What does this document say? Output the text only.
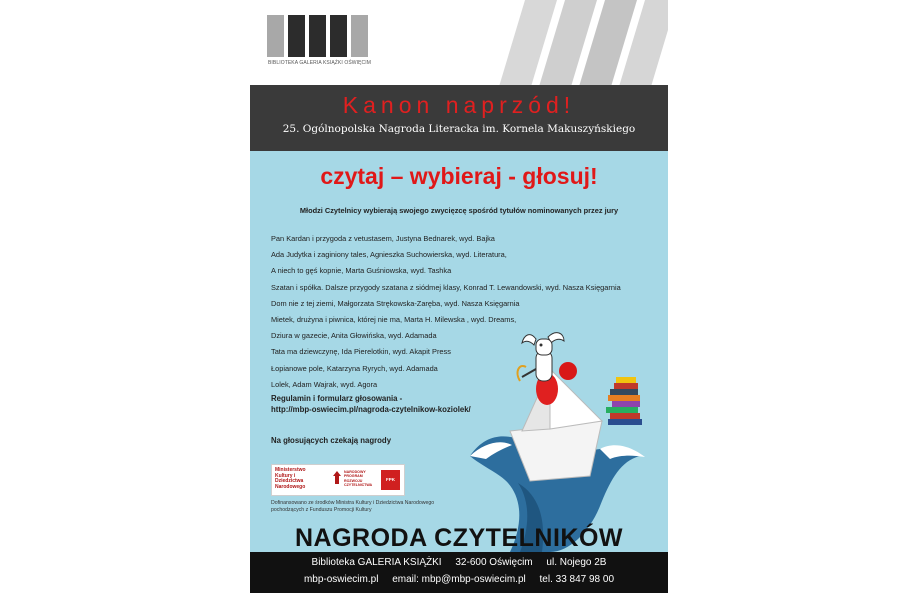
BIBLIOTEKA GALERIA KSIĄŻKI OŚWIĘCIM
Kanon naprzód!
25. Ogólnopolska Nagroda Literacka im. Kornela Makuszyńskiego
czytaj – wybieraj - głosuj!
Młodzi Czytelnicy wybierają swojego zwycięzcę spośród tytułów nominowanych przez jury
Pan Kardan i przygoda z vetustasem, Justyna Bednarek, wyd. Bajka
Ada Judytka i zaginiony tales, Agnieszka Suchowierska, wyd. Literatura,
A niech to gęś kopnie, Marta Guśniowska, wyd. Tashka
Szatan i spółka. Dalsze przygody szatana z siódmej klasy, Konrad T. Lewandowski, wyd. Nasza Księgarnia
Dom nie z tej ziemi, Małgorzata Strękowska-Zaręba, wyd. Nasza Księgarnia
Mietek, drużyna i piwnica, której nie ma, Marta H. Milewska , wyd. Dreams,
Dziura w gazecie, Anita Głowińska, wyd. Adamada
Tata ma dziewczynę, Ida Pierelotkin, wyd. Akapit Press
Łopianowe pole, Katarzyna Ryrych, wyd. Adamada
Lolek, Adam Wajrak, wyd. Agora
Regulamin i formularz głosowania -
http://mbp-oswiecim.pl/nagroda-czytelnikow-koziolek/
Na głosujących czekają nagrody
Ministerstwo Kultury i Dziedzictwa Narodowego
NARODOWY PROGRAM ROZWOJU CZYTELNICTWA
FPK
Dofinansowano ze środków Ministra Kultury i Dziedzictwa Narodowego pochodzących z Funduszu Promocji Kultury
NAGRODA CZYTELNIKÓW
Biblioteka GALERIA KSIĄŻKI 32-600 Oświęcim ul. Nojego 2B
mbp-oswiecim.pl email: mbp@mbp-oswiecim.pl tel. 33 847 98 00
